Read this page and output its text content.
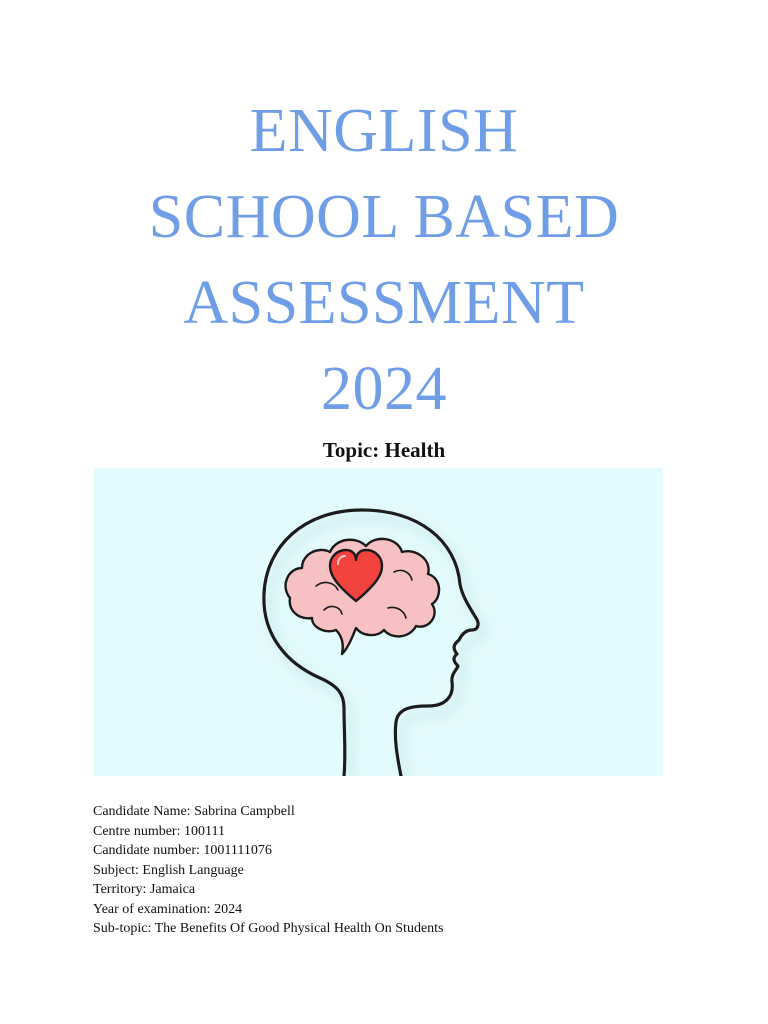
ENGLISH
SCHOOL BASED
ASSESSMENT
2024
Topic: Health
Candidate Name: Sabrina Campbell
Centre number: 100111
Candidate number: 1001111076
Subject: English Language
Territory: Jamaica
Year of examination: 2024
Sub-topic: The Benefits Of Good Physical Health On Students
